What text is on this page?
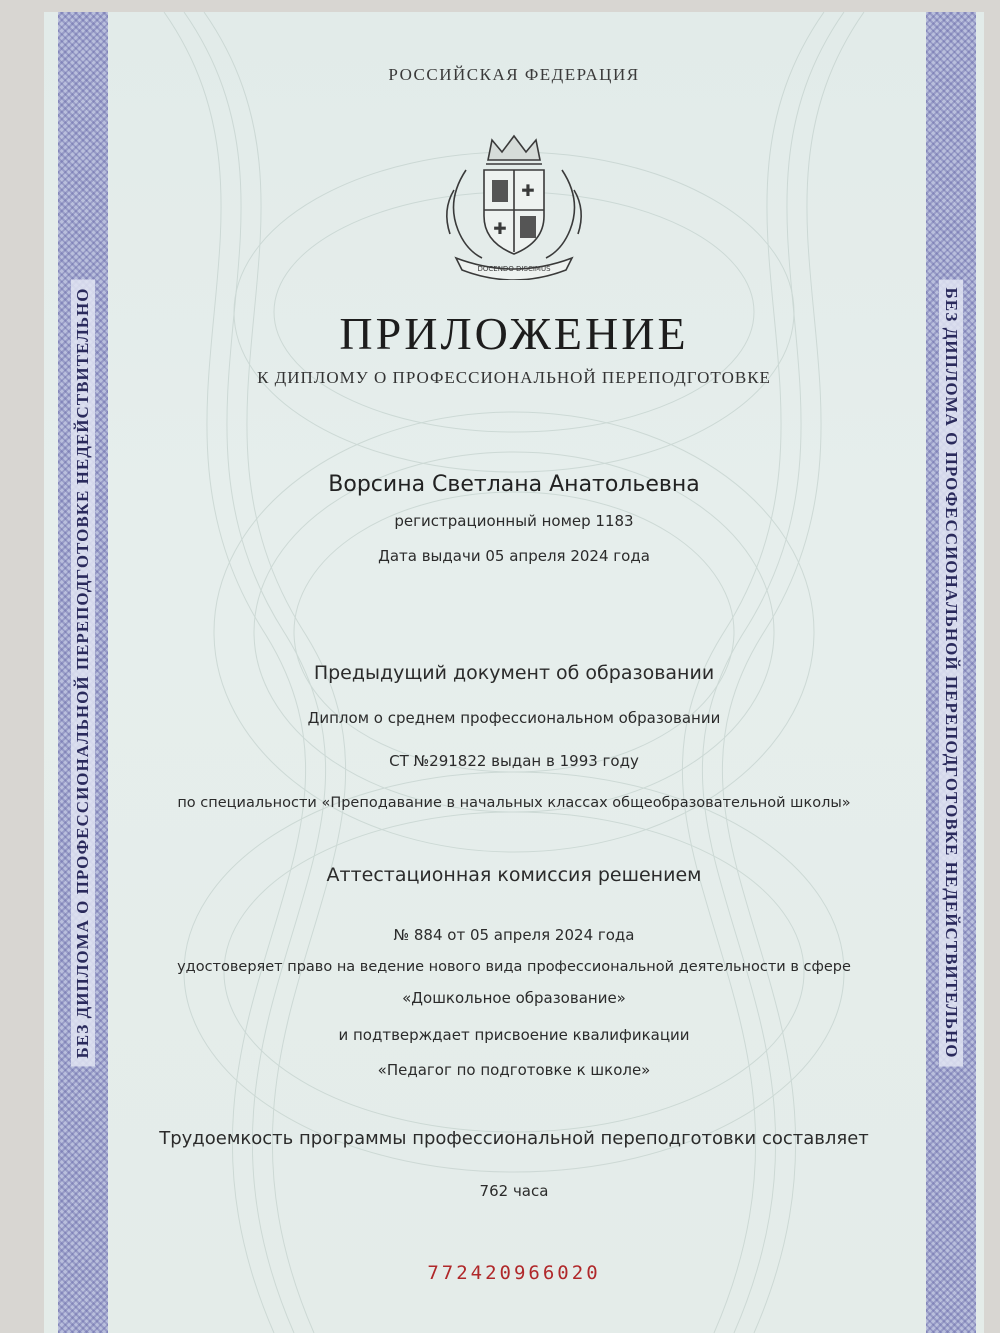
БЕЗ ДИПЛОМА О ПРОФЕССИОНАЛЬНОЙ ПЕРЕПОДГОТОВКЕ НЕДЕЙСТВИТЕЛЬНО	БЕЗ ДИПЛОМА О ПРОФЕССИОНАЛЬНОЙ ПЕРЕПОДГОТОВКЕ НЕДЕЙСТВИТЕЛЬНО

РОССИЙСКАЯ ФЕДЕРАЦИЯ

✚
✚
DOCENDO DISCIMUS
ПРИЛОЖЕНИЕ

К ДИПЛОМУ О ПРОФЕССИОНАЛЬНОЙ ПЕРЕПОДГОТОВКЕ

Ворсина Светлана Анатольевна

регистрационный номер 1183

Дата выдачи 05 апреля 2024 года

Предыдущий документ об образовании

Диплом о среднем профессиональном образовании

СТ №291822 выдан в 1993 году

по специальности «Преподавание в начальных классах общеобразовательной школы»

Аттестационная комиссия решением

№ 884 от 05 апреля 2024 года

удостоверяет право на ведение нового вида профессиональной деятельности в сфере

«Дошкольное образование»

и подтверждает присвоение квалификации

«Педагог по подготовке к школе»

Трудоемкость программы профессиональной переподготовки составляет

762 часа

772420966020
